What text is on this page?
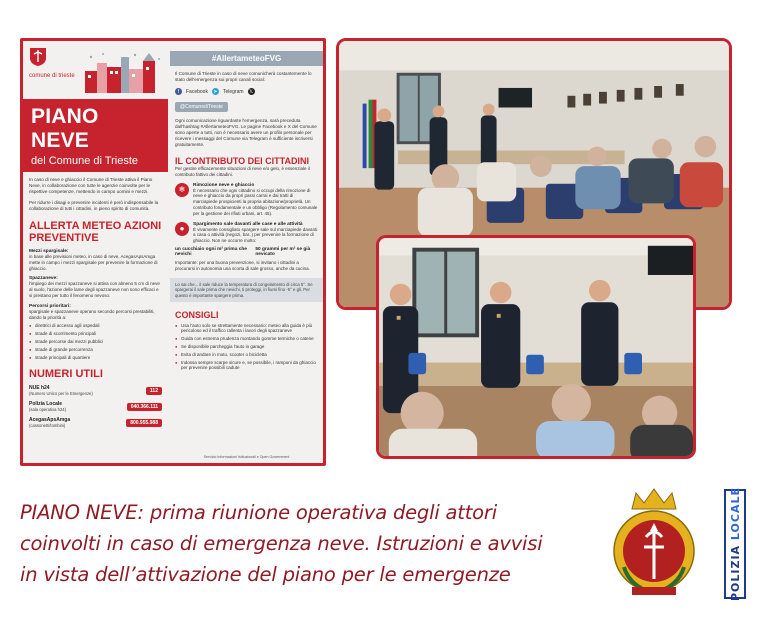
comune di trieste
PIANO NEVE
del Comune di Trieste
In caso di neve e ghiaccio il Comune di Trieste attiva il Piano Neve, in collaborazione con tutte le agenzie coinvolte per le rispettive competenze, mettendo in campo uomini e mezzi.
Per ridurre i disagi e prevenire incidenti è però indispensabile la collaborazione di tutti i cittadini, in pieno spirito di comunità.
ALLERTA METEO AZIONI PREVENTIVE
Mezzi spargisale:
in base alle previsioni meteo, in caso di neve, AcegasApsAmga mette in campo i mezzi spargisale per prevenire la formazione di ghiaccio.
Spazzaneve:
l'impiego dei mezzi spazzaneve si attiva con almeno 5 cm di neve al suolo, l'azione delle lame degli spazzaneve non sono efficaci e si prestano per tutto il fenomeno nevoso.
Percorsi prioritari:
spargisale e spazzaneve operano secondo percorsi prestabiliti, dando la priorità a:
● direttrici di accesso agli ospedali
● strade di scorrimento principali
● strade percorse dai mezzi pubblici
● strade di grande percorrenza
● strade principali di quartiere
NUMERI UTILI
NUE h24
(Numero Unico per le Emergenze)	112
Polizia Locale
(sala operativa h24)	040.366.111
AcegasApsAmga
(cassonetti/tombini)	800.955.988
#AllertameteoFVG
Il Comune di Trieste in caso di neve comunicherà costantemente lo stato dell'emergenza sui propri canali social:
f	Facebook ➤ Telegram 𝕏
@ComunediTrieste
Ogni comunicazione riguardante l'emergenza, sarà preceduta dall'hashtag #AllertameteoFVG. Le pagine Facebook e X del Comune sono aperte a tutti, non è necessario avere un profilo personale per ricevere i messaggi del Comune via Telegram è sufficiente iscriversi gratuitamente.
IL CONTRIBUTO DEI CITTADINI
Per gestire efficacemente situazioni di neve e/o gelo, è essenziale il contributo fattivo dei cittadini.
❄	Rimozione neve e ghiaccio
È necessario che ogni cittadino si occupi della rimozione di neve e ghiaccio da propri passi carrai e dai tratti di marciapiede prospicienti la propria abitazione/proprietà. Un contributo fondamentale e un obbligo (Regolamento comunale per la gestione dei rifiuti urbani, art. 45).
●	Spargimento sale davanti alle case e alle attività
È vivamente consigliato spargere sale sul marciapiede davanti a casa o attività (negozi, bar..) per prevenire la formazione di ghiaccio. Non ne occorre molto:
un cucchiaio ogni m² prima che nevichi
50 grammi per m² se già nevicato
Importante: per una buona prevenzione, si invitano i cittadini a procurarsi in autonomia una scorta di sale grosso, anche da cucina.
Lo sai che... il sale riduce la temperatura di congelamento di circa 5°. Se spargerai il sale prima che nevichi, ti proteggi, in fiumi fino -5° e gli. Per questo è importante spargere prima.
CONSIGLI
● Usa l'auto solo se strettamente necessario: meteo alla guida è più pericoloso ed il traffico rallenta i lavori degli spazzaneve
● Guida con estrema prudenza montando gomme termiche o catene
● Se disponibile parcheggia l'auto in garage
● Evita di andare in moto, scooter o bicicletta
● Indossa sempre scarpe sicure e, se possibile, i ramponi da ghiaccio per prevenire possibili cadute
Servizio Informazioni Istituzionali e Open Government
PIANO NEVE: prima riunione operativa degli attori
coinvolti in caso di emergenza neve. Istruzioni e avvisi
in vista dell’attivazione del piano per le emergenze	POLIZIA LOCALE
